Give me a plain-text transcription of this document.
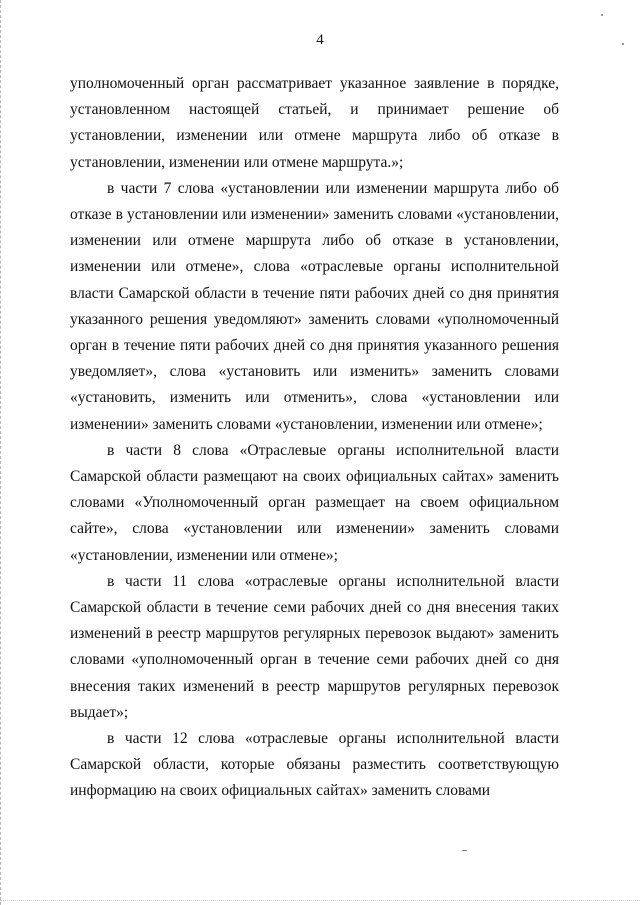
4

уполномоченный орган рассматривает указанное заявление в порядке, установленном настоящей статьей, и принимает решение об установлении, изменении или отмене маршрута либо об отказе в установлении, изменении или отмене маршрута.»;

в части 7 слова «установлении или изменении маршрута либо об отказе в установлении или изменении» заменить словами «установлении, изменении или отмене маршрута либо об отказе в установлении, изменении или отмене», слова «отраслевые органы исполнительной власти Самарской области в течение пяти рабочих дней со дня принятия указанного решения уведомляют» заменить словами «уполномоченный орган в течение пяти рабочих дней со дня принятия указанного решения уведомляет», слова «установить или изменить» заменить словами «установить, изменить или отменить», слова «установлении или изменении» заменить словами «установлении, изменении или отмене»;

в части 8 слова «Отраслевые органы исполнительной власти Самарской области размещают на своих официальных сайтах» заменить словами «Уполномоченный орган размещает на своем официальном сайте», слова «установлении или изменении» заменить словами «установлении, изменении или отмене»;

в части 11 слова «отраслевые органы исполнительной власти Самарской области в течение семи рабочих дней со дня внесения таких изменений в реестр маршрутов регулярных перевозок выдают» заменить словами «уполномоченный орган в течение семи рабочих дней со дня внесения таких изменений в реестр маршрутов регулярных перевозок выдает»;

в части 12 слова «отраслевые органы исполнительной власти Самарской области, которые обязаны разместить соответствующую информацию на своих официальных сайтах» заменить словами
